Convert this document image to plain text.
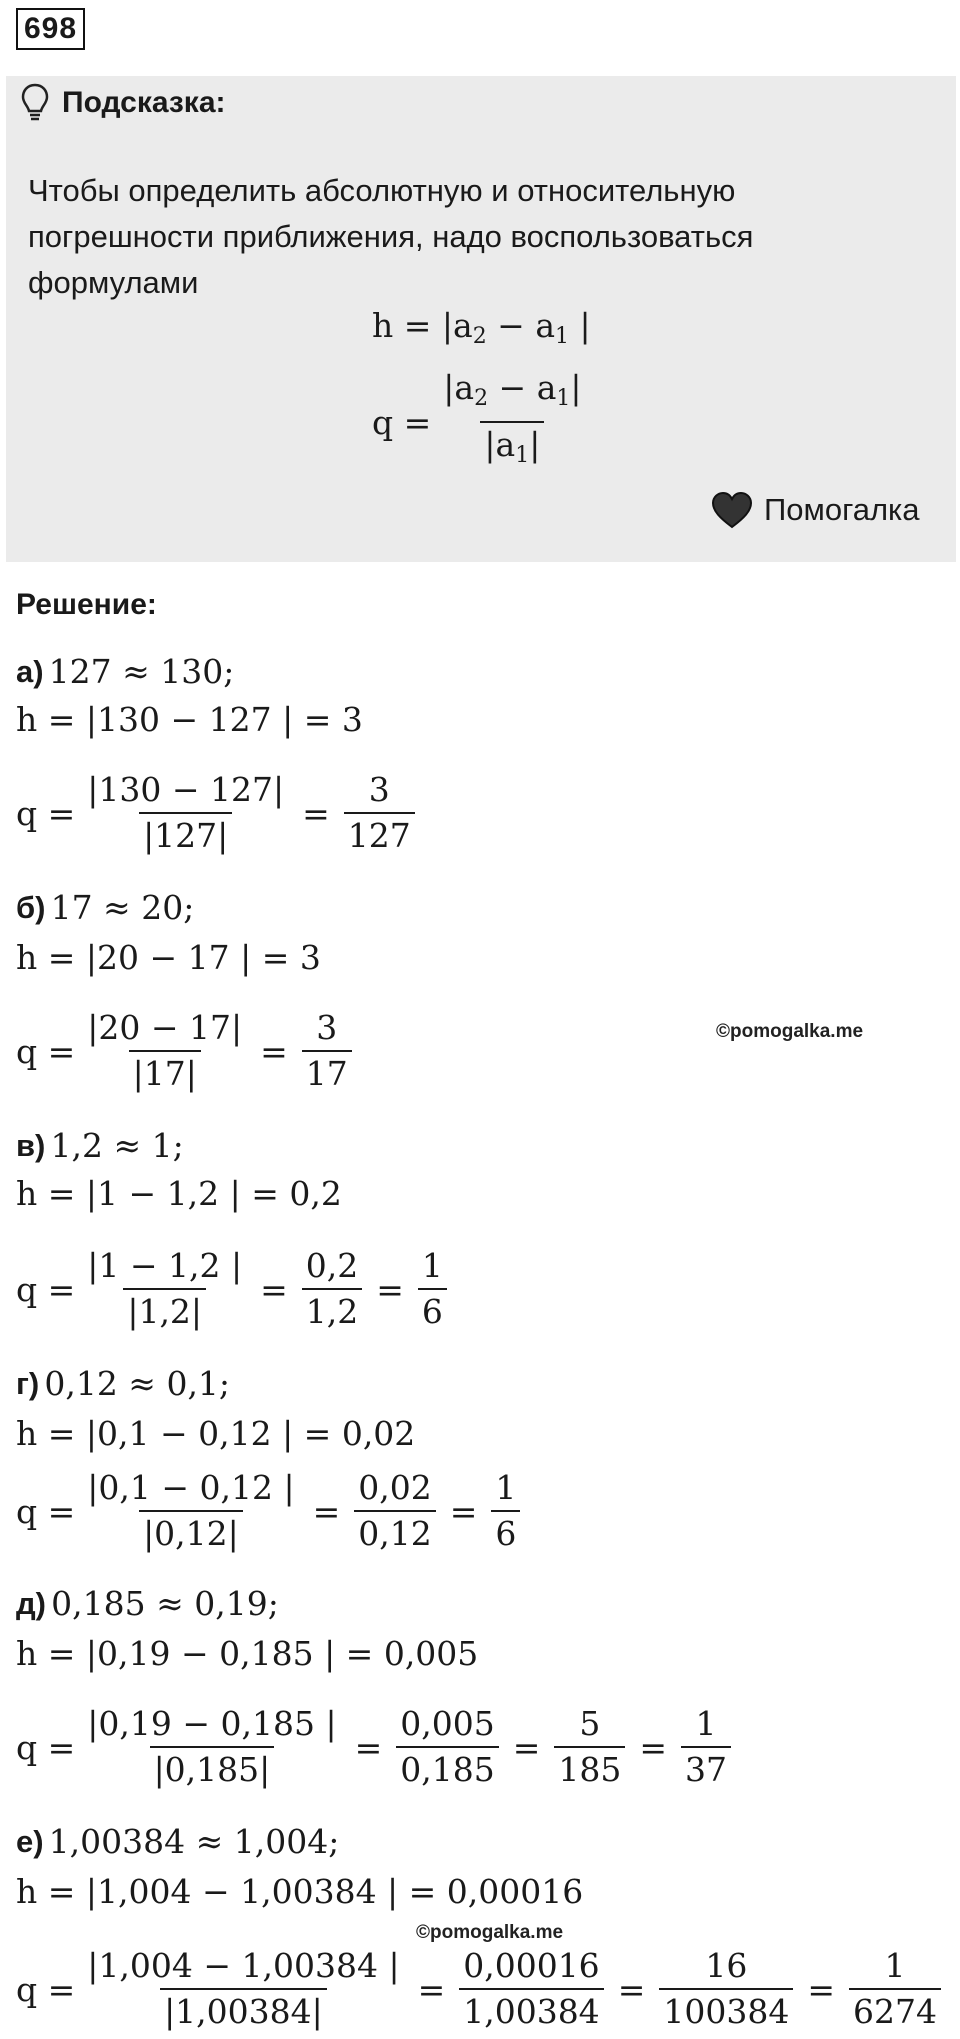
698
Подсказка:
Чтобы определить абсолютную и относительную погрешности приближения, надо воспользоваться формулами
$h = |a_2 - a_1$ |
$q = \frac{|a_2 - a_1|}{|a_1|}$
Помогалка
Решение:
а)
127 ≈ 130;
h = |130 − 127 | = 3
$q = \frac{|130 - 127|}{|127|} = \frac{3}{127}$
б)
17 ≈ 20;
h = |20 − 17 | = 3
$q = \frac{|20 - 17|}{|17|} = \frac{3}{17}$	©pomogalka.me
в)
1,2 ≈ 1;
h = |1 − 1,2 | = 0,2
$q = \frac{|1 - 1,2 |}{|1,2|} = \frac{0,2}{1,2} = \frac{1}{6}$
г)
0,12 ≈ 0,1;
h = |0,1 − 0,12 | = 0,02
$q = \frac{|0,1 - 0,12 |}{|0,12|} = \frac{0,02}{0,12} = \frac{1}{6}$
д)
0,185 ≈ 0,19;
h = |0,19 − 0,185 | = 0,005
$q = \frac{|0,19 - 0,185 |}{|0,185|} = \frac{0,005}{0,185} = \frac{5}{185} = \frac{1}{37}$
е)
1,00384 ≈ 1,004;
h = |1,004 − 1,00384 | = 0,00016
©pomogalka.me
$q = \frac{|1,004 - 1,00384 |}{|1,00384|} = \frac{0,00016}{1,00384} = \frac{16}{100384} = \frac{1}{6274}$
